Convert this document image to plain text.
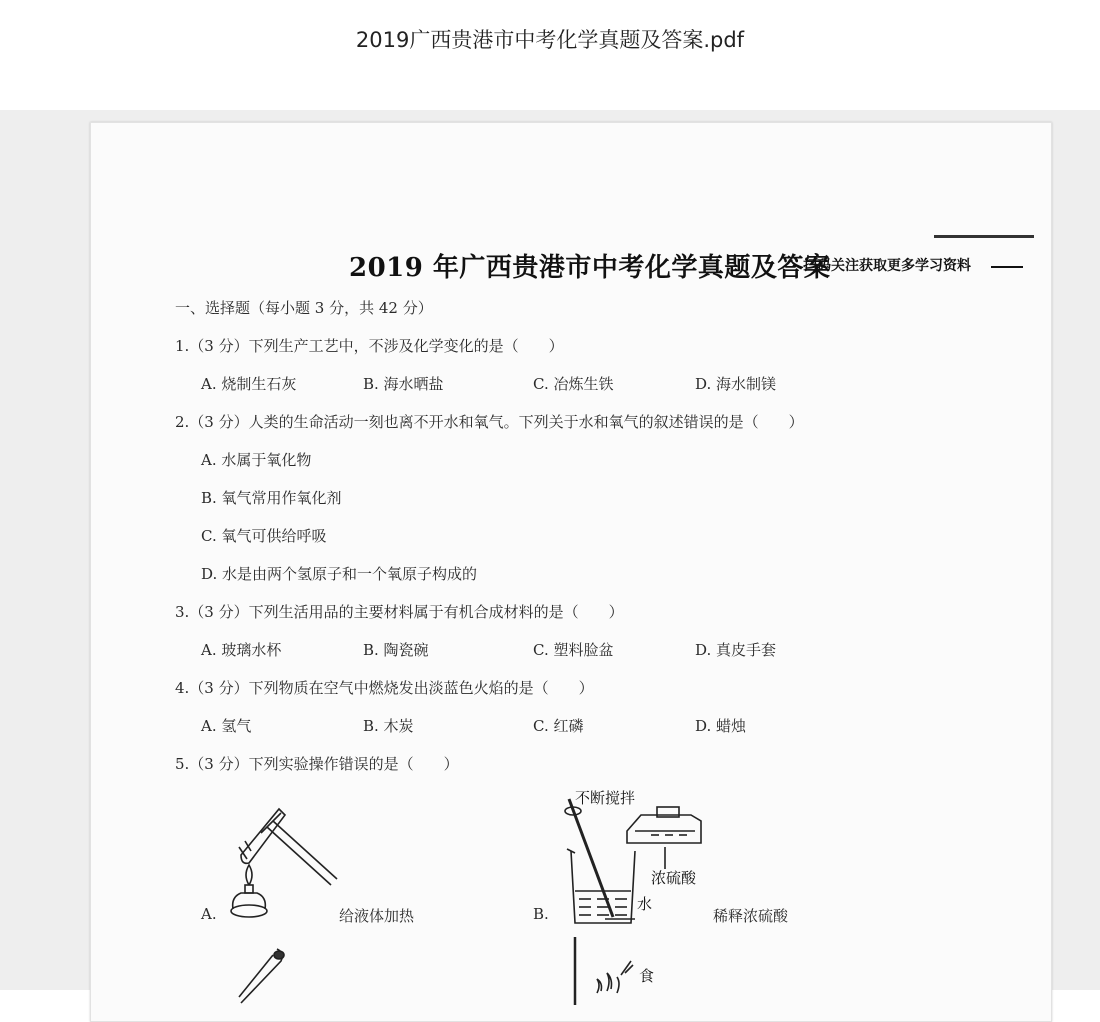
2019广西贵港市中考化学真题及答案.pdf
2019 年广西贵港市中考化学真题及答案
扫码关注获取更多学习资料
一、选择题（每小题 3 分，共 42 分）
1.（3 分）下列生产工艺中，不涉及化学变化的是（　　）
A. 烧制生石灰	B. 海水晒盐	C. 冶炼生铁	D. 海水制镁
2.（3 分）人类的生命活动一刻也离不开水和氧气。下列关于水和氧气的叙述错误的是（　　）
A. 水属于氧化物
B. 氧气常用作氧化剂
C. 氧气可供给呼吸
D. 水是由两个氢原子和一个氧原子构成的
3.（3 分）下列生活用品的主要材料属于有机合成材料的是（　　）
A. 玻璃水杯	B. 陶瓷碗	C. 塑料脸盆	D. 真皮手套
4.（3 分）下列物质在空气中燃烧发出淡蓝色火焰的是（　　）
A. 氢气	B. 木炭	C. 红磷	D. 蜡烛
5.（3 分）下列实验操作错误的是（　　）
A.	给液体加热
不断搅拌
浓硫酸
水
B.	稀释浓硫酸
食
